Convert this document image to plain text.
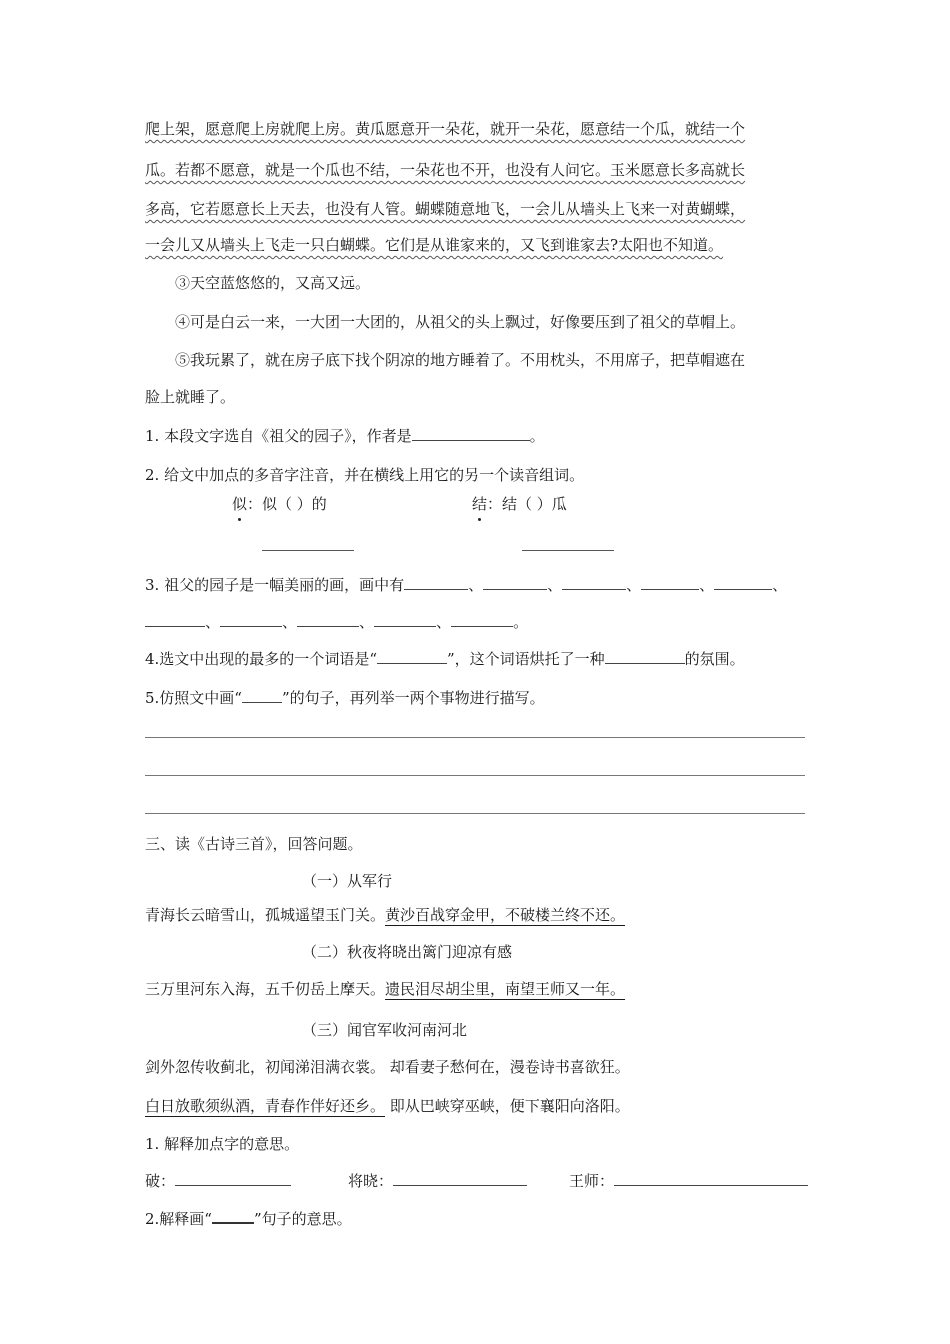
爬上架，愿意爬上房就爬上房。黄瓜愿意开一朵花，就开一朵花，愿意结一个瓜，就结一个
瓜。若都不愿意，就是一个瓜也不结，一朵花也不开，也没有人问它。玉米愿意长多高就长
多高，它若愿意长上天去，也没有人管。蝴蝶随意地飞，一会儿从墙头上飞来一对黄蝴蝶，
一会儿又从墙头上飞走一只白蝴蝶。它们是从谁家来的，又飞到谁家去?太阳也不知道。
③天空蓝悠悠的，又高又远。
④可是白云一来，一大团一大团的，从祖父的头上飘过，好像要压到了祖父的草帽上。
⑤我玩累了，就在房子底下找个阴凉的地方睡着了。不用枕头，不用席子，把草帽遮在
脸上就睡了。
1. 本段文字选自《祖父的园子》，作者是	。
2. 给文中加点的多音字注音，并在横线上用它的另一个读音组词。
似：似（ ）的	结：结（ ）瓜
3. 祖父的园子是一幅美丽的画，画中有	、	、	、	、	、
、	、	、	、	。
4.选文中出现的最多的一个词语是“	”，这个词语烘托了一种	的氛围。
5.仿照文中画“	”的句子，再列举一两个事物进行描写。
三、读《古诗三首》，回答问题。
（一）从军行
青海长云暗雪山，孤城遥望玉门关。黄沙百战穿金甲，不破楼兰终不还。
（二）秋夜将晓出篱门迎凉有感
三万里河东入海，五千仞岳上摩天。遗民泪尽胡尘里，南望王师又一年。
（三）闻官军收河南河北
剑外忽传收蓟北，初闻涕泪满衣裳。 却看妻子愁何在，漫卷诗书喜欲狂。
白日放歌须纵酒，青春作伴好还乡。 即从巴峡穿巫峡，便下襄阳向洛阳。
1. 解释加点字的意思。
破：	将晓：	王师：
2.解释画“	”句子的意思。
